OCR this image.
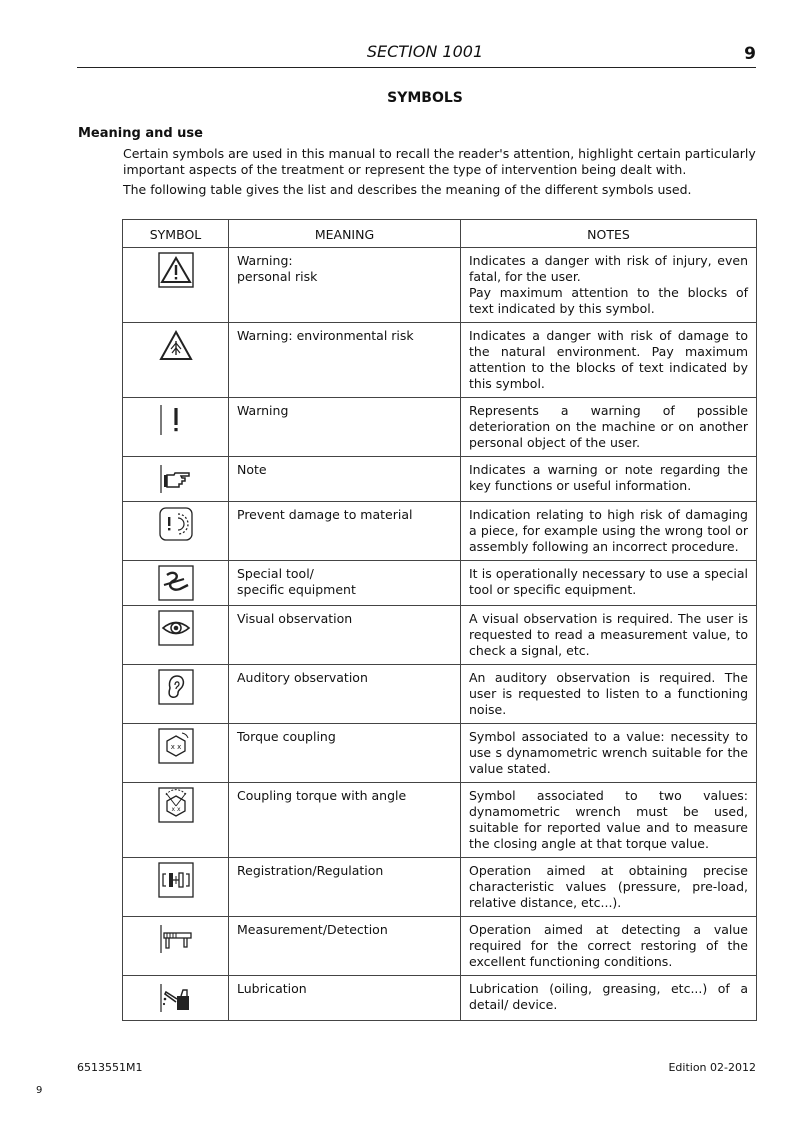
SECTION 1001	9
SYMBOLS
Meaning and use

Certain symbols are used in this manual to recall the reader's attention, highlight certain particularly important aspects of the treatment or represent the type of intervention being dealt with.

The following table gives the list and describes the meaning of the different symbols used.

SYMBOL	MEANING	NOTES

Warning:
personal risk	Indicates a danger with risk of injury, even fatal, for the user.
Pay maximum attention to the blocks of text indicated by this symbol.

Warning: environmental risk	Indicates a danger with risk of damage to the natural environment. Pay maximum attention to the blocks of text indicated by this symbol.

Warning	Represents a warning of possible deterioration on the machine or on another personal object of the user.

Note	Indicates a warning or note regarding the key functions or useful information.

Prevent damage to material	Indication relating to high risk of damaging a piece, for example using the wrong tool or assembly following an incorrect procedure.

Special tool/
specific equipment	It is operationally necessary to use a special tool or specific equipment.

Visual observation	A visual observation is required. The user is requested to read a measurement value, to check a signal, etc.

Auditory observation	An auditory observation is required. The user is requested to listen to a functioning noise.

x x	Torque coupling	Symbol associated to a value: necessity to use s dynamometric wrench suitable for the value stated.

x x	Coupling torque with angle	Symbol associated to two values: dynamometric wrench must be used, suitable for reported value and to measure the closing angle at that torque value.

Registration/Regulation	Operation aimed at obtaining precise characteristic values (pressure, pre-load, relative distance, etc...).

Measurement/Detection	Operation aimed at detecting a value required for the correct restoring of the excellent functioning conditions.

Lubrication	Lubrication (oiling, greasing, etc...) of a detail/ device.
6513551M1	Edition 02-2012
9
